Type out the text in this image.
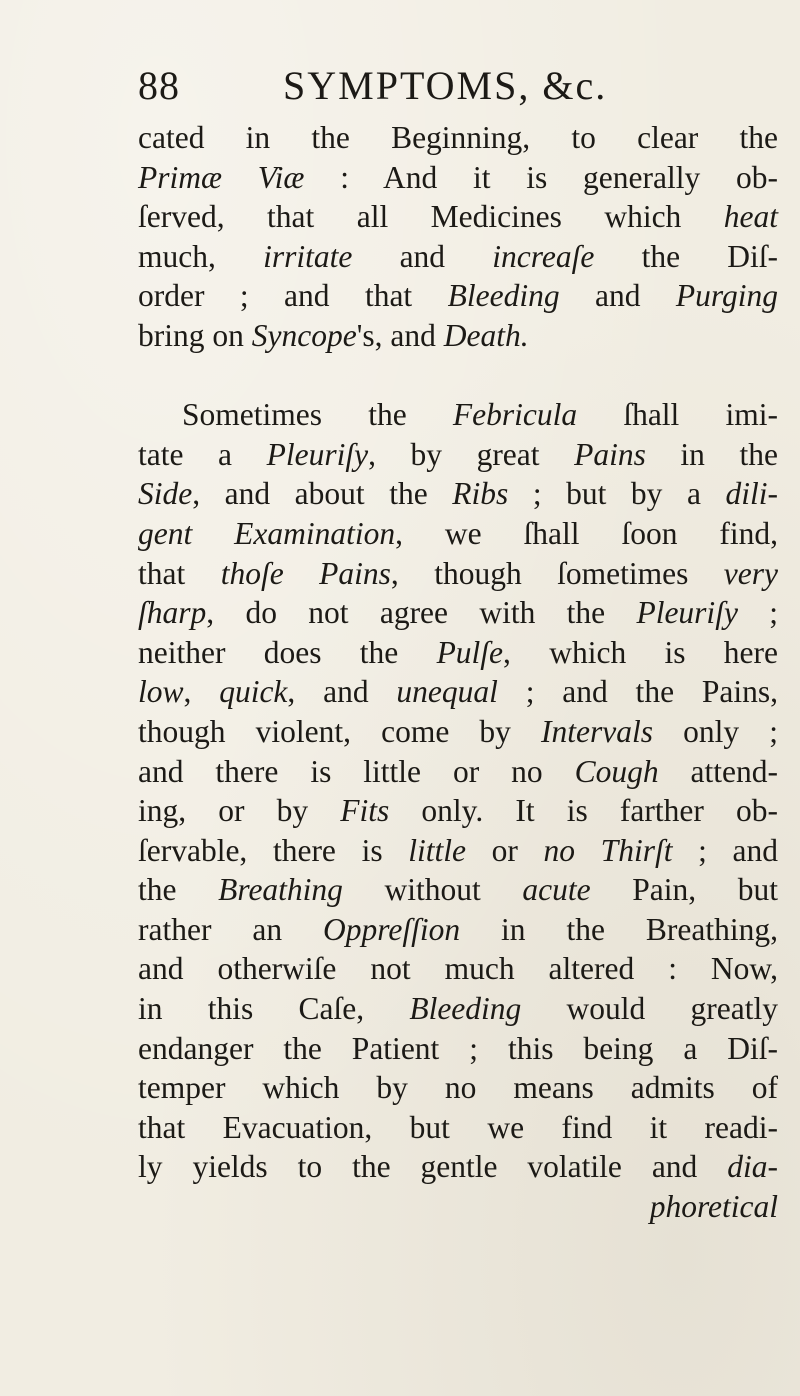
88	SYMPTOMS, &c.
cated in the Beginning, to clear the
Primæ Viæ : And it is generally ob-
ſerved, that all Medicines which heat
much, irritate and increaſe the Diſ-
order ; and that Bleeding and Purging
bring on Syncope's, and Death.
Sometimes the Febricula ſhall imi-
tate a Pleuriſy, by great Pains in the
Side, and about the Ribs ; but by a dili-
gent Examination, we ſhall ſoon find,
that thoſe Pains, though ſometimes very
ſharp, do not agree with the Pleuriſy ;
neither does the Pulſe, which is here
low, quick, and unequal ; and the Pains,
though violent, come by Intervals only ;
and there is little or no Cough attend-
ing, or by Fits only. It is farther ob-
ſervable, there is little or no Thirſt ; and
the Breathing without acute Pain, but
rather an Oppreſſion in the Breathing,
and otherwiſe not much altered : Now,
in this Caſe, Bleeding would greatly
endanger the Patient ; this being a Diſ-
temper which by no means admits of
that Evacuation, but we find it readi-
ly yields to the gentle volatile and dia-
phoretical
